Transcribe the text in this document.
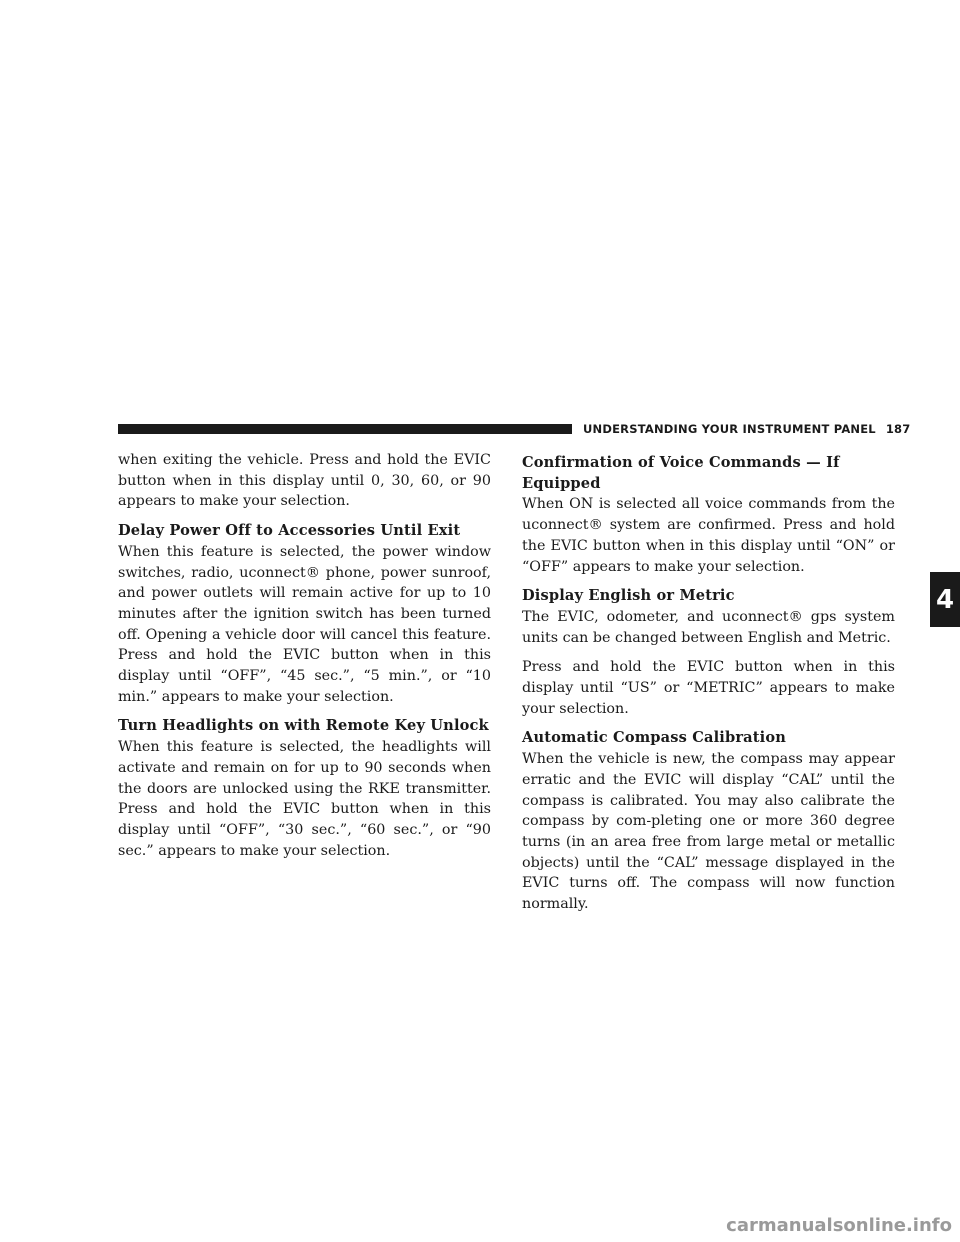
UNDERSTANDING YOUR INSTRUMENT PANEL 187
4

when exiting the vehicle. Press and hold the EVIC button when in this display until 0, 30, 60, or 90 appears to make your selection.

Delay Power Off to Accessories Until Exit

When this feature is selected, the power window switches, radio, uconnect® phone, power sunroof, and power outlets will remain active for up to 10 minutes after the ignition switch has been turned off. Opening a vehicle door will cancel this feature. Press and hold the EVIC button when in this display until “OFF”, “45 sec.”, “5 min.”, or “10 min.” appears to make your selection.

Turn Headlights on with Remote Key Unlock

When this feature is selected, the headlights will activate and remain on for up to 90 seconds when the doors are unlocked using the RKE transmitter. Press and hold the EVIC button when in this display until “OFF”, “30 sec.”, “60 sec.”, or “90 sec.” appears to make your selection.

Confirmation of Voice Commands — If Equipped

When ON is selected all voice commands from the uconnect® system are confirmed. Press and hold the EVIC button when in this display until “ON” or “OFF” appears to make your selection.

Display English or Metric

The EVIC, odometer, and uconnect® gps system units can be changed between English and Metric.

Press and hold the EVIC button when in this display until “US” or “METRIC” appears to make your selection.

Automatic Compass Calibration

When the vehicle is new, the compass may appear erratic and the EVIC will display “CAL” until the compass is calibrated. You may also calibrate the compass by com-pleting one or more 360 degree turns (in an area free from large metal or metallic objects) until the “CAL” message displayed in the EVIC turns off. The compass will now function normally.

carmanualsonline.info
